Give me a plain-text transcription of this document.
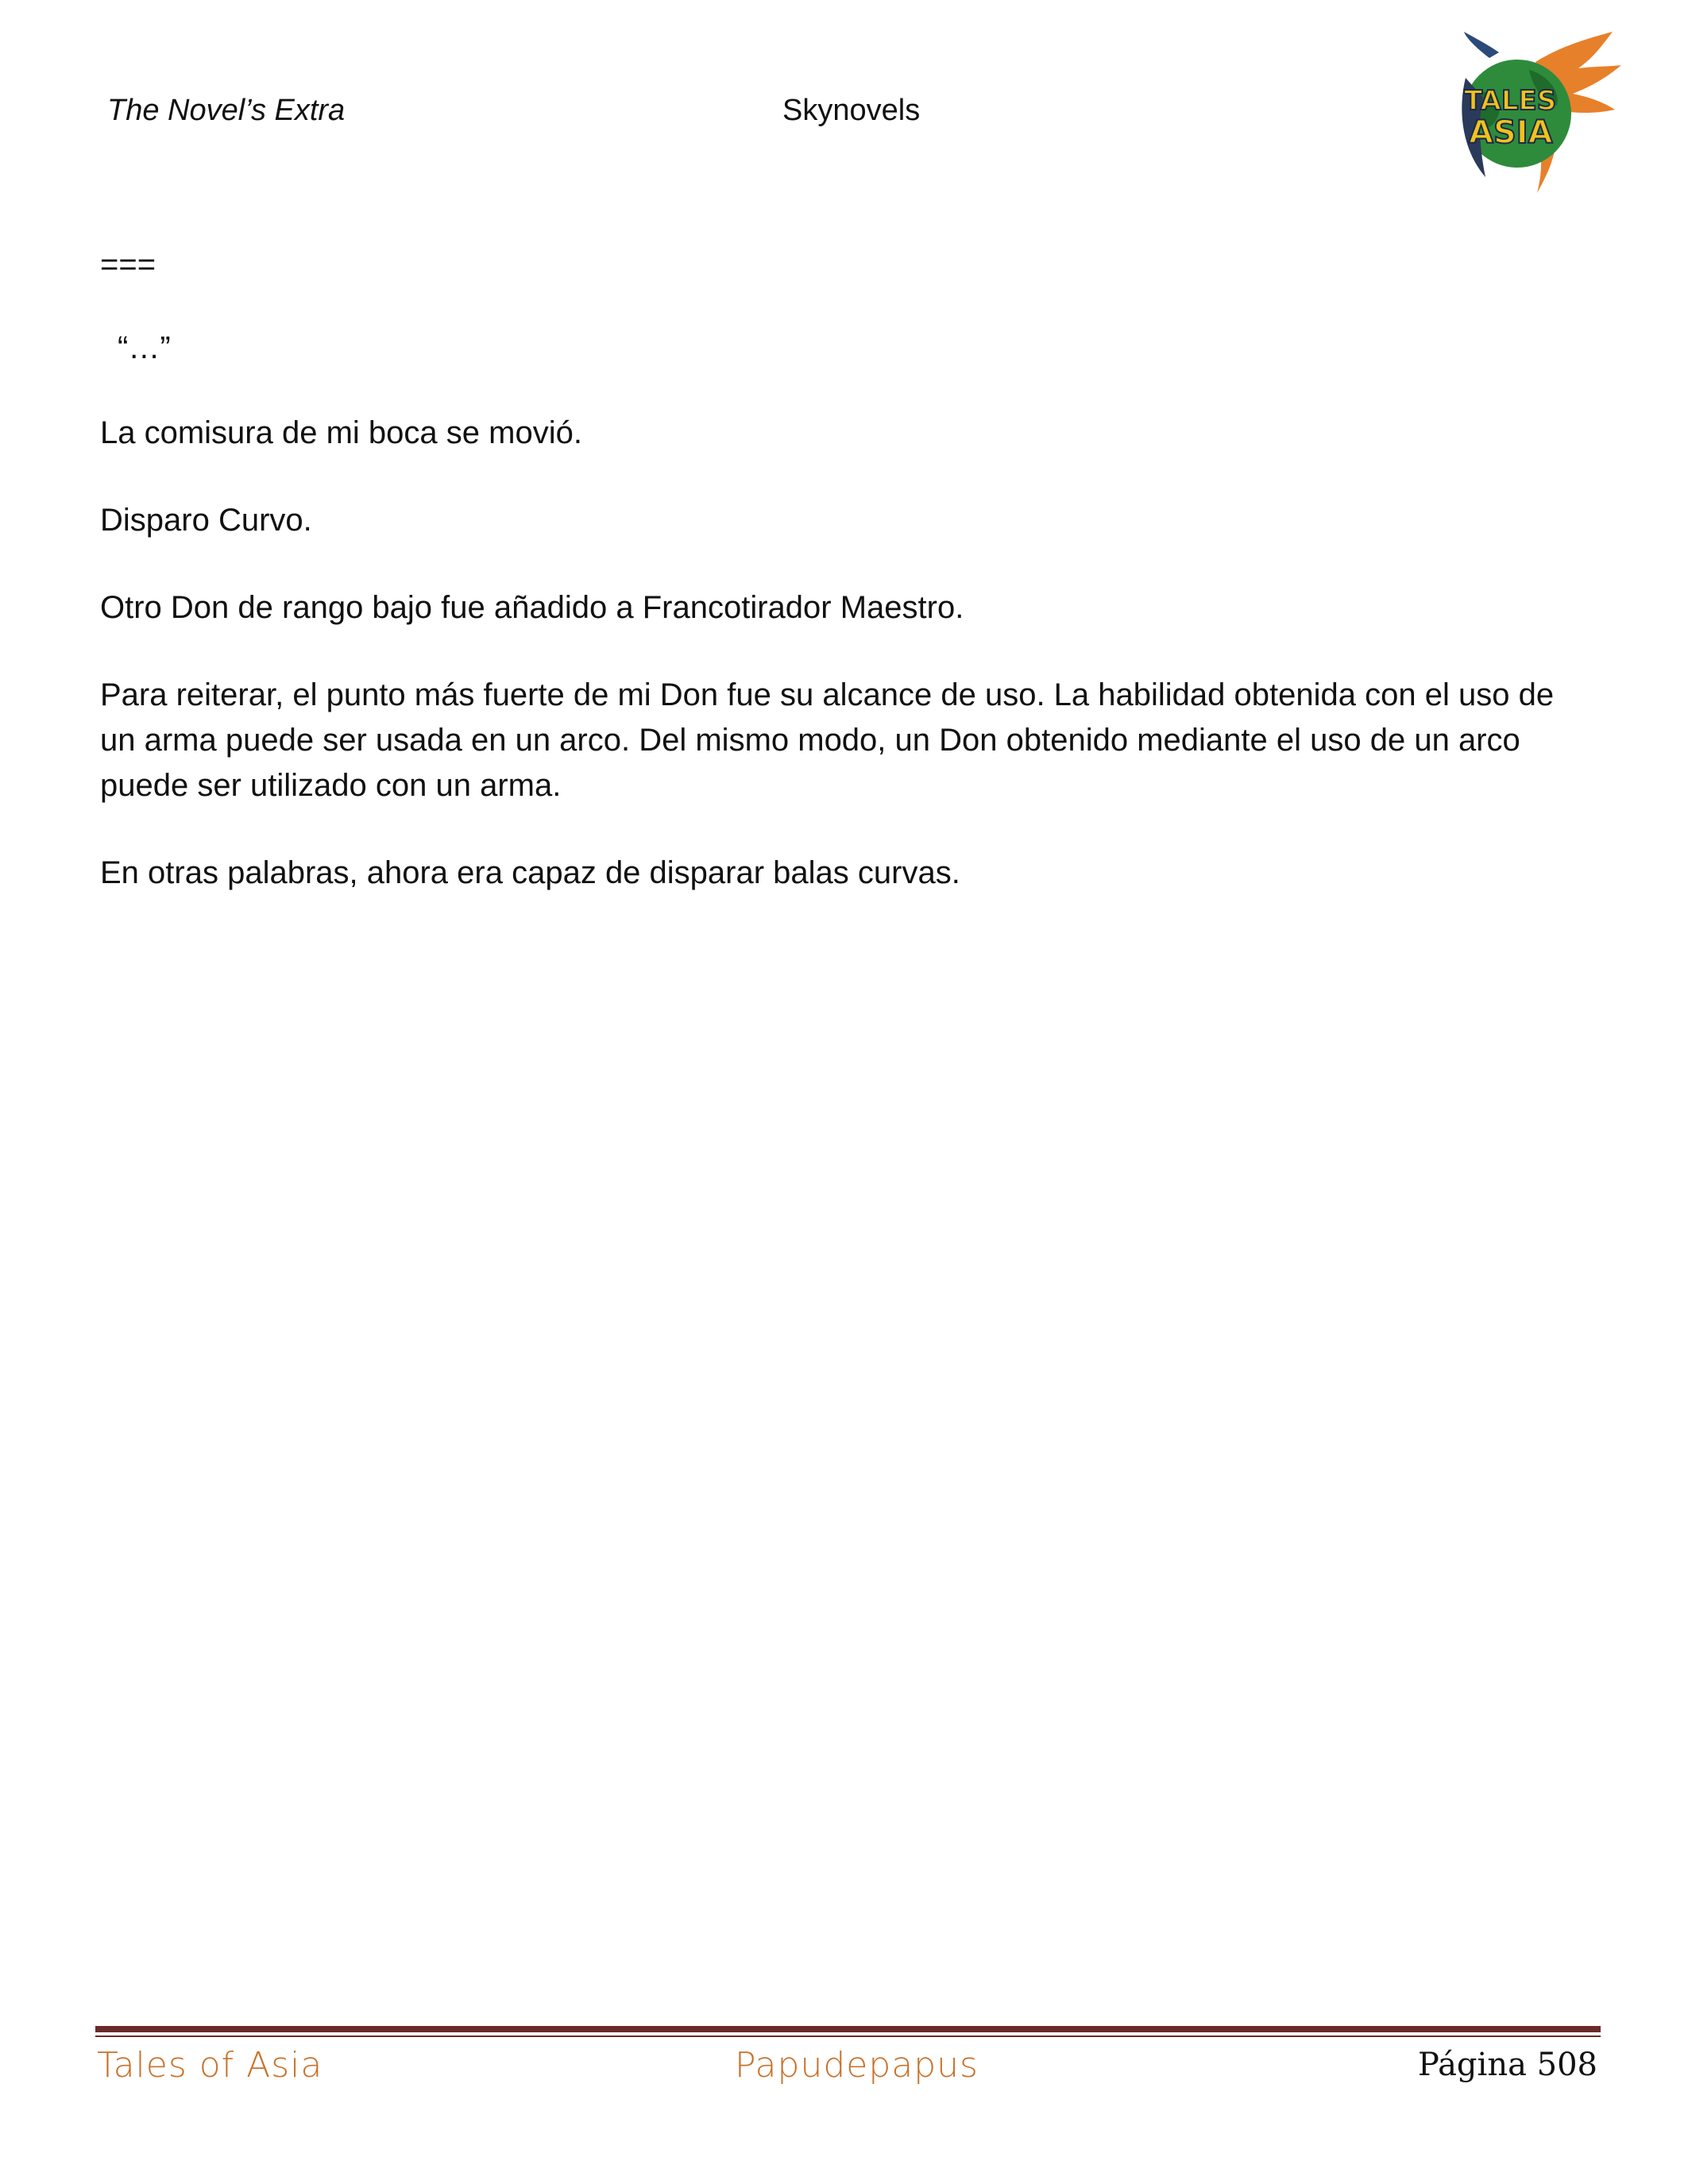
The Novel’s Extra	Skynovels	TALES
ASIA

===

“…”

La comisura de mi boca se movió.

Disparo Curvo.

Otro Don de rango bajo fue añadido a Francotirador Maestro.

Para reiterar, el punto más fuerte de mi Don fue su alcance de uso. La habilidad obtenida con el uso de un arma puede ser usada en un arco. Del mismo modo, un Don obtenido mediante el uso de un arco puede ser utilizado con un arma.

En otras palabras, ahora era capaz de disparar balas curvas.

Tales of Asia	Papudepapus	Página 508
